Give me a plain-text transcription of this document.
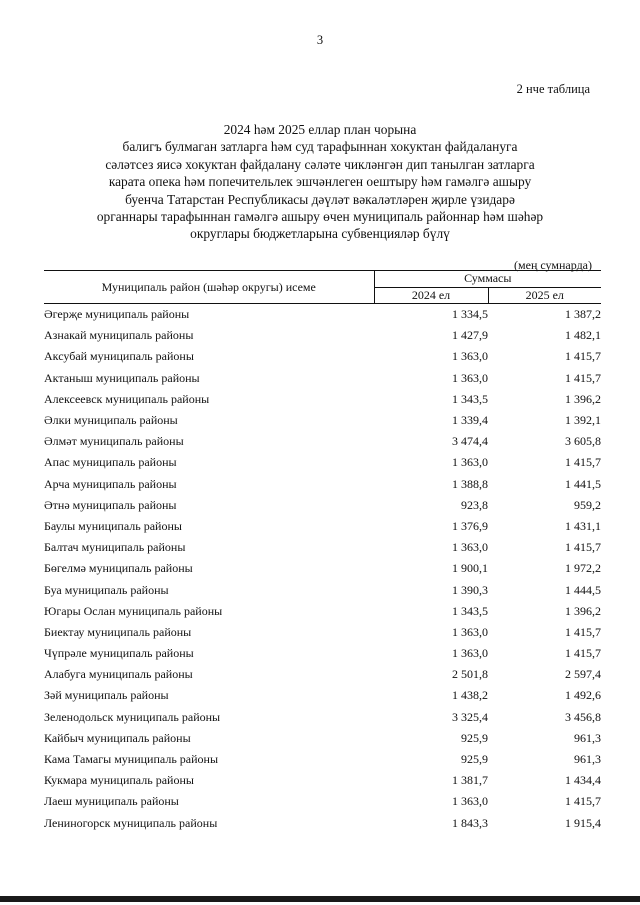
3
2 нче таблица
2024 һәм 2025 еллар план чорына
балигъ булмаган затларга һәм суд тарафыннан хокуктан файдалануга
сәләтсез яисә хокуктан файдалану сәләте чикләнгән дип танылган затларга
карата опека һәм попечительлек эшчәнлеген оештыру һәм гамәлгә ашыру
буенча Татарстан Республикасы дәүләт вәкаләтләрен җирле үзидарә
органнары тарафыннан гамәлгә ашыру өчен муниципаль районнар һәм шәһәр
округлары бюджетларына субвенцияләр бүлү
(мең сумнарда)
Муниципаль район (шәһәр округы) исеме	Суммасы	
	2024 ел	2025 ел
Әгерҗе муниципаль районы	1 334,5	1 387,2
Азнакай муниципаль районы	1 427,9	1 482,1
Аксубай муниципаль районы	1 363,0	1 415,7
Актаныш муниципаль районы	1 363,0	1 415,7
Алексеевск муниципаль районы	1 343,5	1 396,2
Әлки муниципаль районы	1 339,4	1 392,1
Әлмәт муниципаль районы	3 474,4	3 605,8
Апас муниципаль районы	1 363,0	1 415,7
Арча муниципаль районы	1 388,8	1 441,5
Әтнә муниципаль районы	923,8	959,2
Баулы муниципаль районы	1 376,9	1 431,1
Балтач муниципаль районы	1 363,0	1 415,7
Бөгелмә муниципаль районы	1 900,1	1 972,2
Буа муниципаль районы	1 390,3	1 444,5
Югары Ослан муниципаль районы	1 343,5	1 396,2
Биектау муниципаль районы	1 363,0	1 415,7
Чүпрәле муниципаль районы	1 363,0	1 415,7
Алабуга муниципаль районы	2 501,8	2 597,4
Зәй муниципаль районы	1 438,2	1 492,6
Зеленодольск муниципаль районы	3 325,4	3 456,8
Кайбыч муниципаль районы	925,9	961,3
Кама Тамагы муниципаль районы	925,9	961,3
Кукмара муниципаль районы	1 381,7	1 434,4
Лаеш муниципаль районы	1 363,0	1 415,7
Лениногорск муниципаль районы	1 843,3	1 915,4
